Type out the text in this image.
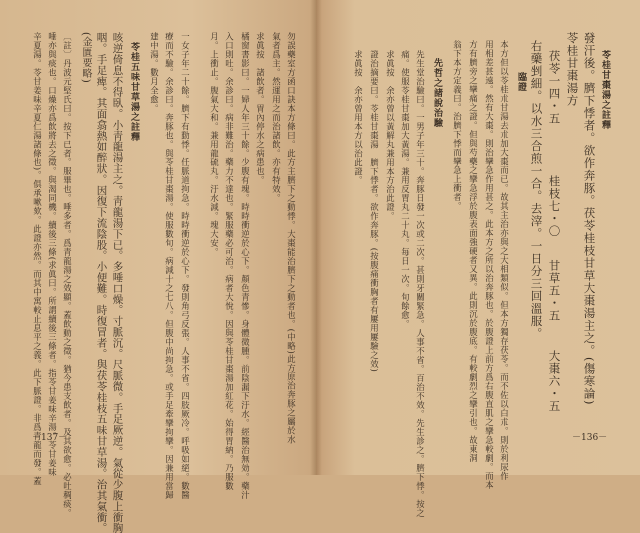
勿誤藥室方函口訣本方條曰。此方主臍下之動悸。大棗能治臍下之動者也。(中略)此方原治奔豚之屬於水
氣者爲主。然運用之而治諸飲。亦有特效。
求眞按　諸飲者。胃內停水之病患也。
橘窗書影曰。一婦人年三十餘。少腹有塊。時時衝逆於心下。顏色青慘。身體微腫。前陰漏下汙水。經醫治無効。藥汁
入口則吐。余診曰。病非難治。藥力不達也。緊服藥必可治。病者大悅。因與苓桂甘棗湯加紅花。始得胃納。乃服數
月。上衝止。腹氣大和。兼用龍硫丸。汙水減。塊大安。
一女子年二十餘。臍下有動悸。任脈道拘急。時時衝逆於心下。發則角弓反張。人事不省。四肢厥冷。呼吸如絕。數醫
療而不驗。余診曰。奔豚也。與苓桂甘棗湯。使服數旬。病減十之七八。但腹中尚拘急。或手足牽攣拘攣。因兼用當歸
建中湯。數月全愈。
苓桂五味甘草湯之註釋
咳逆倚息不得臥。小靑龍湯主之。靑龍湯下已。多唾口燥。寸脈沉。尺脈微。手足厥逆。氣從少腹上衝胸
咽。手足痺。其面翕熱如醉狀。因復下流陰股。小便難。時復冒者。與茯苓桂枝五味甘草湯。治其氣衝。
(金匱要略)
〔註〕丹波元堅氏曰。按下已者。服畢也。唾多者。爲青龍湯之效顯。蓋飲動之徵。猶今患支飲者。及其欲愈。必吐稠痰。
唾亦與痰也。口燥亦爲飲將去之徵。與渴同機。續後三條(求眞曰。所謂續後三條者。指苓甘姜味辛湯。苓甘姜味
辛夏湯。苓甘姜味辛夏仁湯諸條也)。俱承嗽欬。此證亦然。而其中寓較止息平之義。此下脈證。非爲青龍而發。蓋
－137－
苓桂甘棗湯之註釋
發汗後。臍下悸者。欲作奔豚。茯苓桂枝甘草大棗湯主之。(傷寒論)
苓桂甘棗湯方
茯苓一四・五桂枝七・〇甘草五・五大棗六・五
右藥剉細。以水三合煎一合。去滓。一日分三回溫服。
臨證
本方但以苓桂朮甘湯去朮加大棗而已。故其主治亦與之大相類似。但本方獨存茯苓。而不佐以白朮。則於利尿作
用相差甚遠。然有大棗。則治攣急作用甚之。此本方之所以治奔豚也。於腹證上前方爲右腹直肌之攣急較劇。而本
方有臍旁之攣痛之證。但與芍藥之攣急浮於腹表面強硬者又異。此則沉於腹底。有較劇烈之攣引也。故東洞
翁下本方定義曰。治臍下悸而攣急上衝者。
先哲之諸說治驗
先生堂治驗曰。一男子年三十。奔豚日發一次或二次。甚則牙關緊急。人事不省。百治不效。先生診之。臍下悸。按之
痛。使服苓桂甘棗加大黃湯。兼用反胃丸二十丸。每日一次。旬餘愈。
求眞按　余亦曾以黃解丸兼用本方治此證。
證治摘要曰。苓桂甘棗湯　臍下悸者。欲作奔豚。(按腹痛衝胸者有屢用屢驗之效)
求眞按　余亦曾用本方以治此證。
－136－
